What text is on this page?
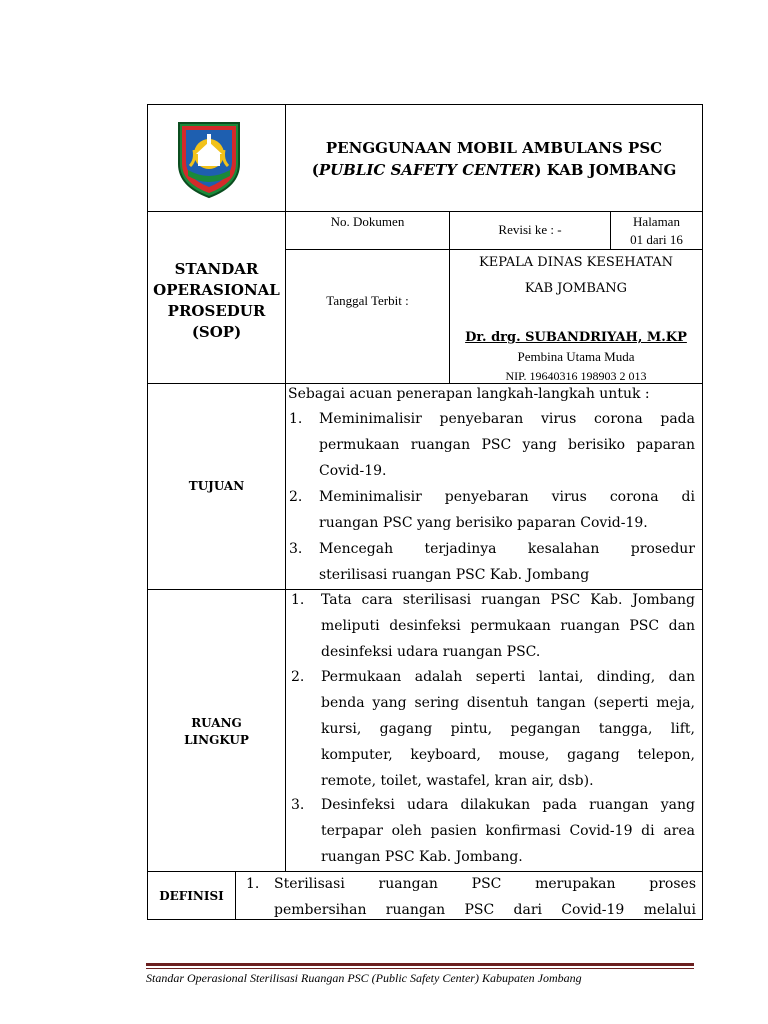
PENGGUNAAN MOBIL AMBULANS PSC
(PUBLIC SAFETY CENTER) KAB JOMBANG
STANDAR
OPERASIONAL
PROSEDUR
(SOP)
No. Dokumen
Revisi ke : -
Halaman
01 dari 16
Tanggal Terbit :
KEPALA DINAS KESEHATAN
KAB JOMBANG
Dr. drg. SUBANDRIYAH, M.KP
Pembina Utama Muda
NIP. 19640316 198903 2 013
TUJUAN
Sebagai acuan penerapan langkah-langkah untuk :
1. Meminimalisir penyebaran virus corona pada
permukaan ruangan PSC yang berisiko paparan
Covid-19.
2. Meminimalisir penyebaran virus corona di
ruangan PSC yang berisiko paparan Covid-19.
3. Mencegah terjadinya kesalahan prosedur
sterilisasi ruangan PSC Kab. Jombang
RUANG
LINGKUP
1. Tata cara sterilisasi ruangan PSC Kab. Jombang
meliputi desinfeksi permukaan ruangan PSC dan
desinfeksi udara ruangan PSC.
2. Permukaan adalah seperti lantai, dinding, dan
benda yang sering disentuh tangan (seperti meja,
kursi, gagang pintu, pegangan tangga, lift,
komputer, keyboard, mouse, gagang telepon,
remote, toilet, wastafel, kran air, dsb).
3. Desinfeksi udara dilakukan pada ruangan yang
terpapar oleh pasien konfirmasi Covid-19 di area
ruangan PSC Kab. Jombang.
DEFINISI
1. Sterilisasi ruangan PSC merupakan proses
pembersihan ruangan PSC dari Covid-19 melalui
Standar Operasional Sterilisasi Ruangan PSC (Public Safety Center) Kabupaten Jombang
